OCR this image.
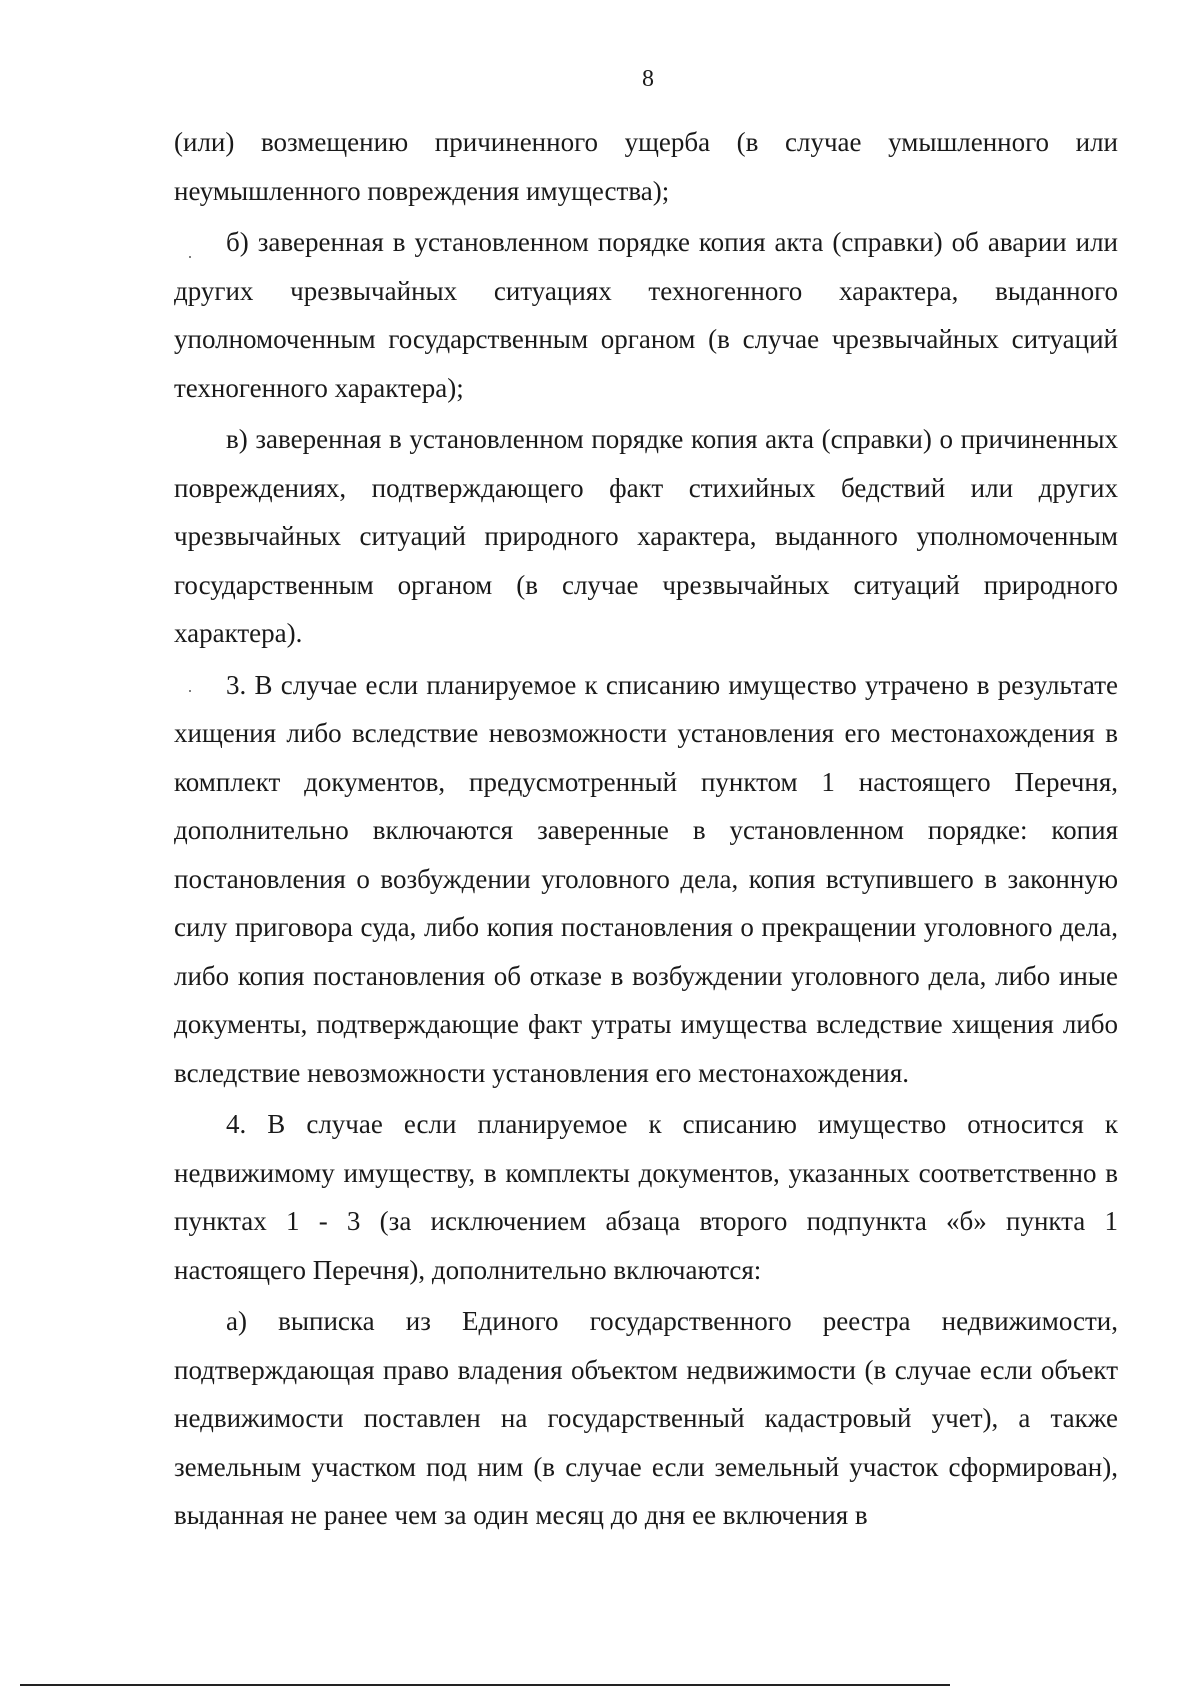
8

(или) возмещению причиненного ущерба (в случае умышленного или неумышленного повреждения имущества);

б) заверенная в установленном порядке копия акта (справки) об аварии или других чрезвычайных ситуациях техногенного характера, выданного уполномоченным государственным органом (в случае чрезвычайных ситуаций техногенного характера);

в) заверенная в установленном порядке копия акта (справки) о причиненных повреждениях, подтверждающего факт стихийных бедствий или других чрезвычайных ситуаций природного характера, выданного уполномоченным государственным органом (в случае чрезвычайных ситуаций природного характера).

3. В случае если планируемое к списанию имущество утрачено в результате хищения либо вследствие невозможности установления его местонахождения в комплект документов, предусмотренный пунктом 1 настоящего Перечня, дополнительно включаются заверенные в установленном порядке: копия постановления о возбуждении уголовного дела, копия вступившего в законную силу приговора суда, либо копия постановления о прекращении уголовного дела, либо копия постановления об отказе в возбуждении уголовного дела, либо иные документы, подтверждающие факт утраты имущества вследствие хищения либо вследствие невозможности установления его местонахождения.

4. В случае если планируемое к списанию имущество относится к недвижимому имуществу, в комплекты документов, указанных соответственно в пунктах 1 - 3 (за исключением абзаца второго подпункта «б» пункта 1 настоящего Перечня), дополнительно включаются:

а) выписка из Единого государственного реестра недвижимости, подтверждающая право владения объектом недвижимости (в случае если объект недвижимости поставлен на государственный кадастровый учет), а также земельным участком под ним (в случае если земельный участок сформирован), выданная не ранее чем за один месяц до дня ее включения в
